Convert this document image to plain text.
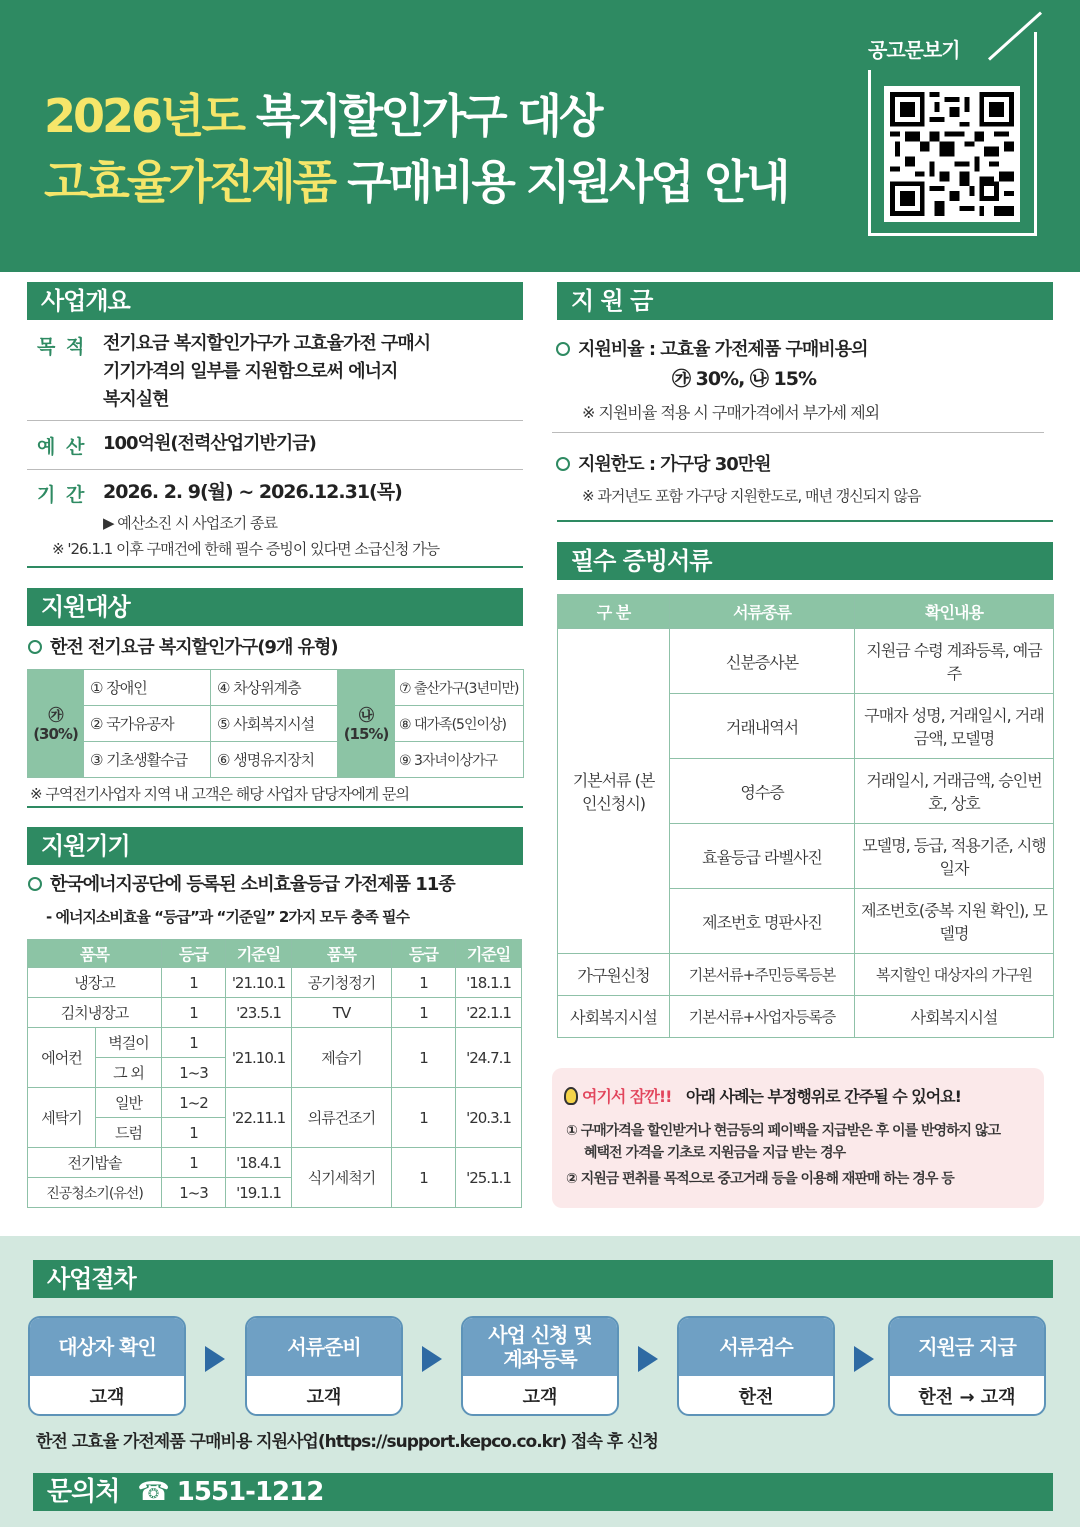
2026년도 복지할인가구 대상
고효율가전제품 구매비용 지원사업 안내
공고문보기
사업개요
목 적 전기요금 복지할인가구가 고효율가전 구매시
기기가격의 일부를 지원함으로써 에너지
복지실현
예 산 100억원(전력산업기반기금)
기 간 2026. 2. 9(월) ~ 2026.12.31(목)
▶ 예산소진 시 사업조기 종료
※ '26.1.1 이후 구매건에 한해 필수 증빙이 있다면 소급신청 가능
지원대상
한전 전기요금 복지할인가구(9개 유형)
㉮ (30%)	① 장애인	④ 차상위계층	㉯ (15%)	⑦ 출산가구(3년미만)
	② 국가유공자	⑤ 사회복지시설		⑧ 대가족(5인이상)
	③ 기초생활수급	⑥ 생명유지장치		⑨ 3자녀이상가구
※ 구역전기사업자 지역 내 고객은 해당 사업자 담당자에게 문의
지원기기
한국에너지공단에 등록된 소비효율등급 가전제품 11종
- 에너지소비효율 “등급”과 “기준일” 2가지 모두 충족 필수
품목		등급	기준일	품목	등급	기준일
냉장고		1	'21.10.1	공기청정기	1	'18.1.1
김치냉장고		1	'23.5.1	TV	1	'22.1.1
에어컨	벽걸이	1	'21.10.1	제습기	1	'24.7.1
	그 외	1~3				
세탁기	일반	1~2	'22.11.1	의류건조기	1	'20.3.1
	드럼	1				
전기밥솥		1	'18.4.1	식기세척기	1	'25.1.1
진공청소기(유선)		1~3	'19.1.1			
지 원 금
지원비율 : 고효율 가전제품 구매비용의
㉮ 30%, ㉯ 15%
※ 지원비율 적용 시 구매가격에서 부가세 제외
지원한도 : 가구당 30만원
※ 과거년도 포함 가구당 지원한도로, 매년 갱신되지 않음
필수 증빙서류
구 분	서류종류	확인내용
기본서류 (본인신청시)	신분증사본	지원금 수령 계좌등록, 예금주
	거래내역서	구매자 성명, 거래일시, 거래금액, 모델명
	영수증	거래일시, 거래금액, 승인번호, 상호
	효율등급 라벨사진	모델명, 등급, 적용기준, 시행일자
	제조번호 명판사진	제조번호(중복 지원 확인), 모델명
가구원신청	기본서류+주민등록등본	복지할인 대상자의 가구원
사회복지시설	기본서류+사업자등록증	사회복지시설
여기서 잠깐!! 아래 사례는 부정행위로 간주될 수 있어요!
① 구매가격을 할인받거나 현금등의 페이백을 지급받은 후 이를 반영하지 않고
혜택전 가격을 기초로 지원금을 지급 받는 경우
② 지원금 편취를 목적으로 중고거래 등을 이용해 재판매 하는 경우 등
사업절차
대상자 확인
고객
서류준비
고객
사업 신청 및 계좌등록
고객
서류검수
한전
지원금 지급
한전 → 고객
한전 고효율 가전제품 구매비용 지원사업(https://support.kepco.co.kr) 접속 후 신청
문의처 ☎ 1551-1212
